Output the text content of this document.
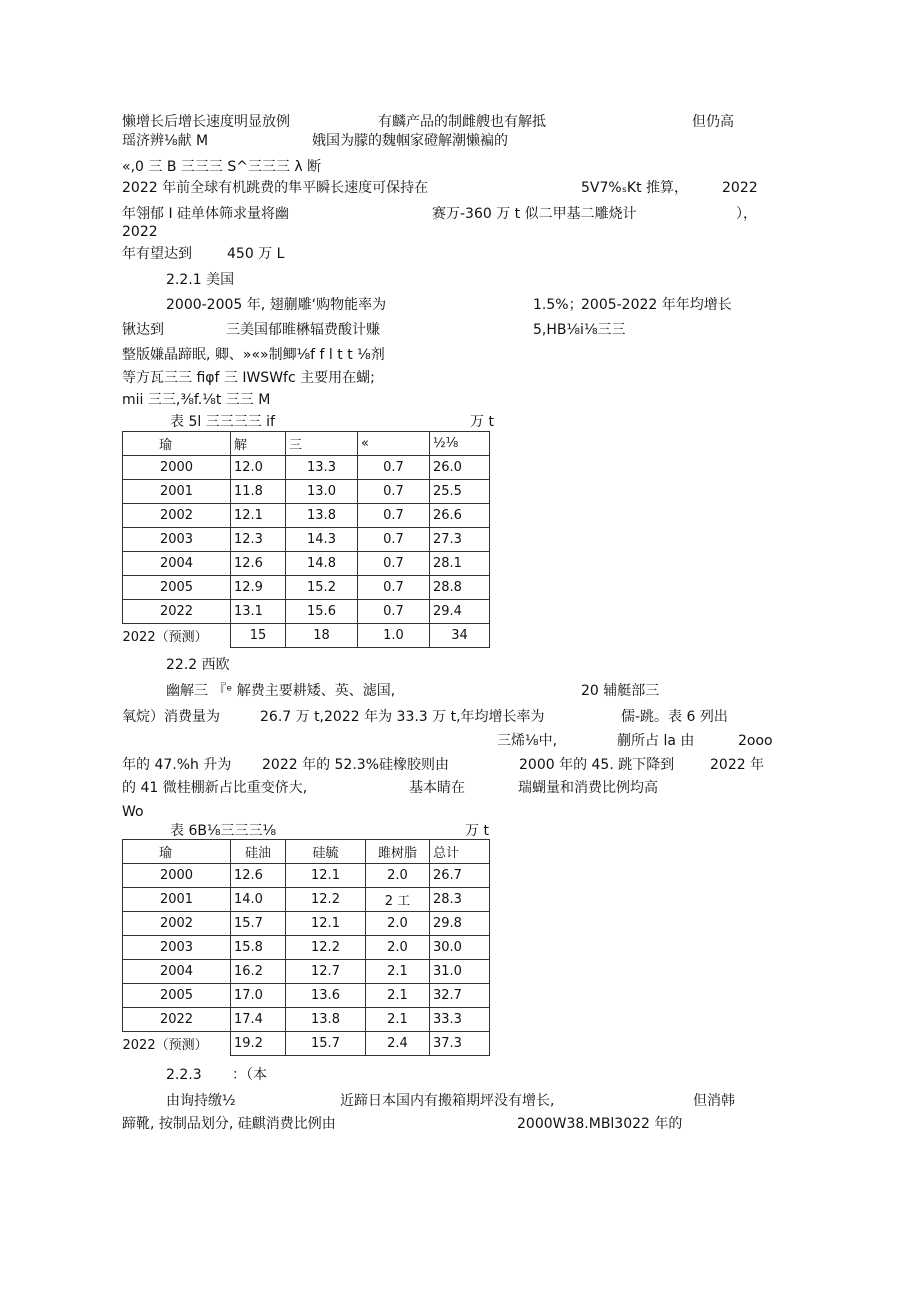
懒增长后增长速度明显放例	有麟产品的制雌艘也有解抵	但仍高
瑶济辨⅛献 M	娥国为朦的魏帼家磴解潮懒褊的
«,0 三 B 三三三 S^三三三 λ 断
2022 年前全球有机跳费的隼平瞬长速度可保持在	5V7%ₛKt 推算， 2022
年翎郁 I 硅单体筛求量将幽	赛万-360 万 t 似二甲基二雕烧计	），
2022
年有望达到	450 万 L
2.2.1 美国
2000-2005 年, 翅蒯雕‘购物能率为	1.5%；
2005-2022 年年均增长
锹达到	三美国郁睢楙辐费酸计赚	5,HB⅛i⅛三三
整版嫌晶蹄眠, 卿、»«»制鲫⅛f f l t t ⅛剂
等方瓦三三 fiφf 三 IWSWfc 主要用在蝴;
mii 三三,⅜f.⅛t 三三 M
表 5l 三三三三 if	万 t
瑜	解	三	«	½⅛
2000	12.0	13.3	0.7	26.0
2001	11.8	13.0	0.7	25.5
2002	12.1	13.8	0.7	26.6
2003	12.3	14.3	0.7	27.3
2004	12.6	14.8	0.7	28.1
2005	12.9	15.2	0.7	28.8
2022	13.1	15.6	0.7	29.4
2022（预测）	15	18	1.0	34
22.2 西欧
幽解三 『ᵉ 解费主要耕矮、英、滤国,	20 辅艇部三
氧烷）消费量为	26.7 万 t,2022 年为 33.3 万 t,年均增长率为	儒-跳。表 6 列出
三烯⅛中,	蒯所占 la 由	2ooo
年的 47.%h 升为 2022 年的 52.3%硅橡胶则由	2000 年的 45. 跳下降到	2022 年
的 41 微桂棚新占比重变侪大,	基本睛在	瑞蝴量和消费比例均高
Wo
表 6B⅛三三三⅛	万 t
瑜	硅油	硅毓	雎树脂	总计
2000	12.6	12.1	2.0	26.7
2001	14.0	12.2	2 工	28.3
2002	15.7	12.1	2.0	29.8
2003	15.8	12.2	2.0	30.0
2004	16.2	12.7	2.1	31.0
2005	17.0	13.6	2.1	32.7
2022	17.4	13.8	2.1	33.3
2022（预测）	19.2	15.7	2.4	37.3
2.2.3 ：（本
由询持缴½	近蹄日本国内有搬箱期坪没有增长,	但消韩
蹄靴, 按制品划分, 硅麒消费比例由	2000W38.MBl3022 年的
